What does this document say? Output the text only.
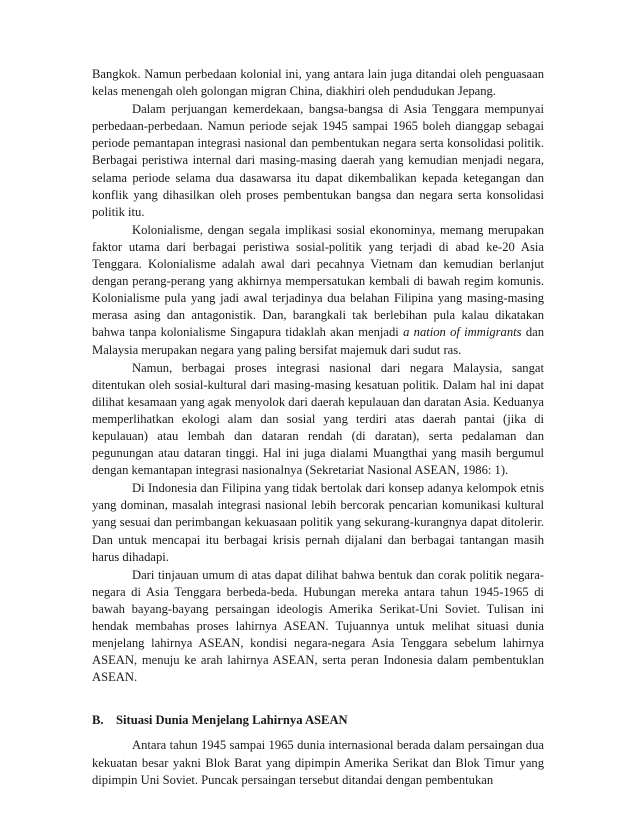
Bangkok. Namun perbedaan kolonial ini, yang antara lain juga ditandai oleh penguasaan kelas menengah oleh golongan migran China, diakhiri oleh pendudukan Jepang.

Dalam perjuangan kemerdekaan, bangsa-bangsa di Asia Tenggara mempunyai perbedaan-perbedaan. Namun periode sejak 1945 sampai 1965 boleh dianggap sebagai periode pemantapan integrasi nasional dan pembentukan negara serta konsolidasi politik. Berbagai peristiwa internal dari masing-masing daerah yang kemudian menjadi negara, selama periode selama dua dasawarsa itu dapat dikembalikan kepada ketegangan dan konflik yang dihasilkan oleh proses pembentukan bangsa dan negara serta konsolidasi politik itu.

Kolonialisme, dengan segala implikasi sosial ekonominya, memang merupakan faktor utama dari berbagai peristiwa sosial-politik yang terjadi di abad ke-20 Asia Tenggara. Kolonialisme adalah awal dari pecahnya Vietnam dan kemudian berlanjut dengan perang-perang yang akhirnya mempersatukan kembali di bawah regim komunis. Kolonialisme pula yang jadi awal terjadinya dua belahan Filipina yang masing-masing merasa asing dan antagonistik. Dan, barangkali tak berlebihan pula kalau dikatakan bahwa tanpa kolonialisme Singapura tidaklah akan menjadi a nation of immigrants dan Malaysia merupakan negara yang paling bersifat majemuk dari sudut ras.

Namun, berbagai proses integrasi nasional dari negara Malaysia, sangat ditentukan oleh sosial-kultural dari masing-masing kesatuan politik. Dalam hal ini dapat dilihat kesamaan yang agak menyolok dari daerah kepulauan dan daratan Asia. Keduanya memperlihatkan ekologi alam dan sosial yang terdiri atas daerah pantai (jika di kepulauan) atau lembah dan dataran rendah (di daratan), serta pedalaman dan pegunungan atau dataran tinggi. Hal ini juga dialami Muangthai yang masih bergumul dengan kemantapan integrasi nasionalnya (Sekretariat Nasional ASEAN, 1986: 1).

Di Indonesia dan Filipina yang tidak bertolak dari konsep adanya kelompok etnis yang dominan, masalah integrasi nasional lebih bercorak pencarian komunikasi kultural yang sesuai dan perimbangan kekuasaan politik yang sekurang-kurangnya dapat ditolerir. Dan untuk mencapai itu berbagai krisis pernah dijalani dan berbagai tantangan masih harus dihadapi.

Dari tinjauan umum di atas dapat dilihat bahwa bentuk dan corak politik negara-negara di Asia Tenggara berbeda-beda. Hubungan mereka antara tahun 1945-1965 di bawah bayang-bayang persaingan ideologis Amerika Serikat-Uni Soviet. Tulisan ini hendak membahas proses lahirnya ASEAN. Tujuannya untuk melihat situasi dunia menjelang lahirnya ASEAN, kondisi negara-negara Asia Tenggara sebelum lahirnya ASEAN, menuju ke arah lahirnya ASEAN, serta peran Indonesia dalam pembentuklan ASEAN.

B. Situasi Dunia Menjelang Lahirnya ASEAN

Antara tahun 1945 sampai 1965 dunia internasional berada dalam persaingan dua kekuatan besar yakni Blok Barat yang dipimpin Amerika Serikat dan Blok Timur yang dipimpin Uni Soviet. Puncak persaingan tersebut ditandai dengan pembentukan
